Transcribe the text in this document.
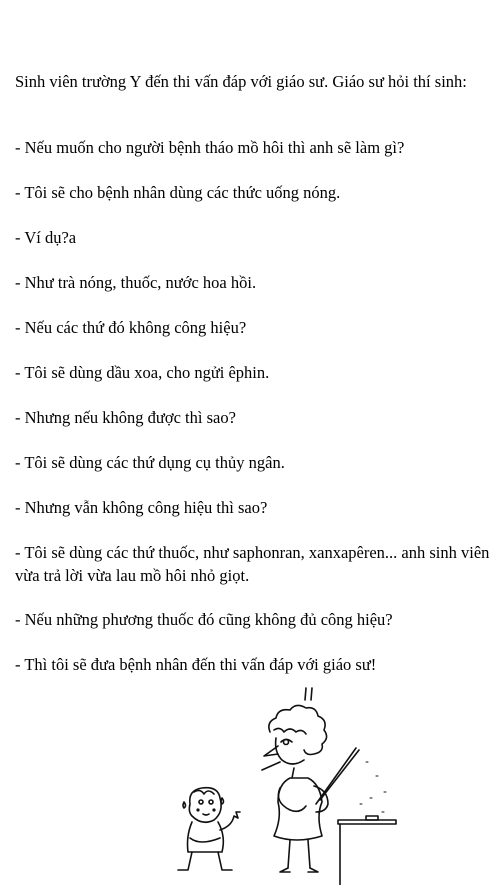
Sinh viên trường Y đến thi vấn đáp với giáo sư. Giáo sư hỏi thí sinh:

- Nếu muốn cho người bệnh tháo mồ hôi thì anh sẽ làm gì?

- Tôi sẽ cho bệnh nhân dùng các thức uống nóng.

- Ví dụ?a

- Như trà nóng, thuốc, nước hoa hồi.

- Nếu các thứ đó không công hiệu?

- Tôi sẽ dùng dầu xoa, cho ngửi êphin.

- Nhưng nếu không được thì sao?

- Tôi sẽ dùng các thứ dụng cụ thủy ngân.

- Nhưng vẫn không công hiệu thì sao?

- Tôi sẽ dùng các thứ thuốc, như saphonran, xanxapêren... anh sinh viên vừa trả lời vừa lau mồ hôi nhỏ giọt.

- Nếu những phương thuốc đó cũng không đủ công hiệu?

- Thì tôi sẽ đưa bệnh nhân đến thi vấn đáp với giáo sư!
